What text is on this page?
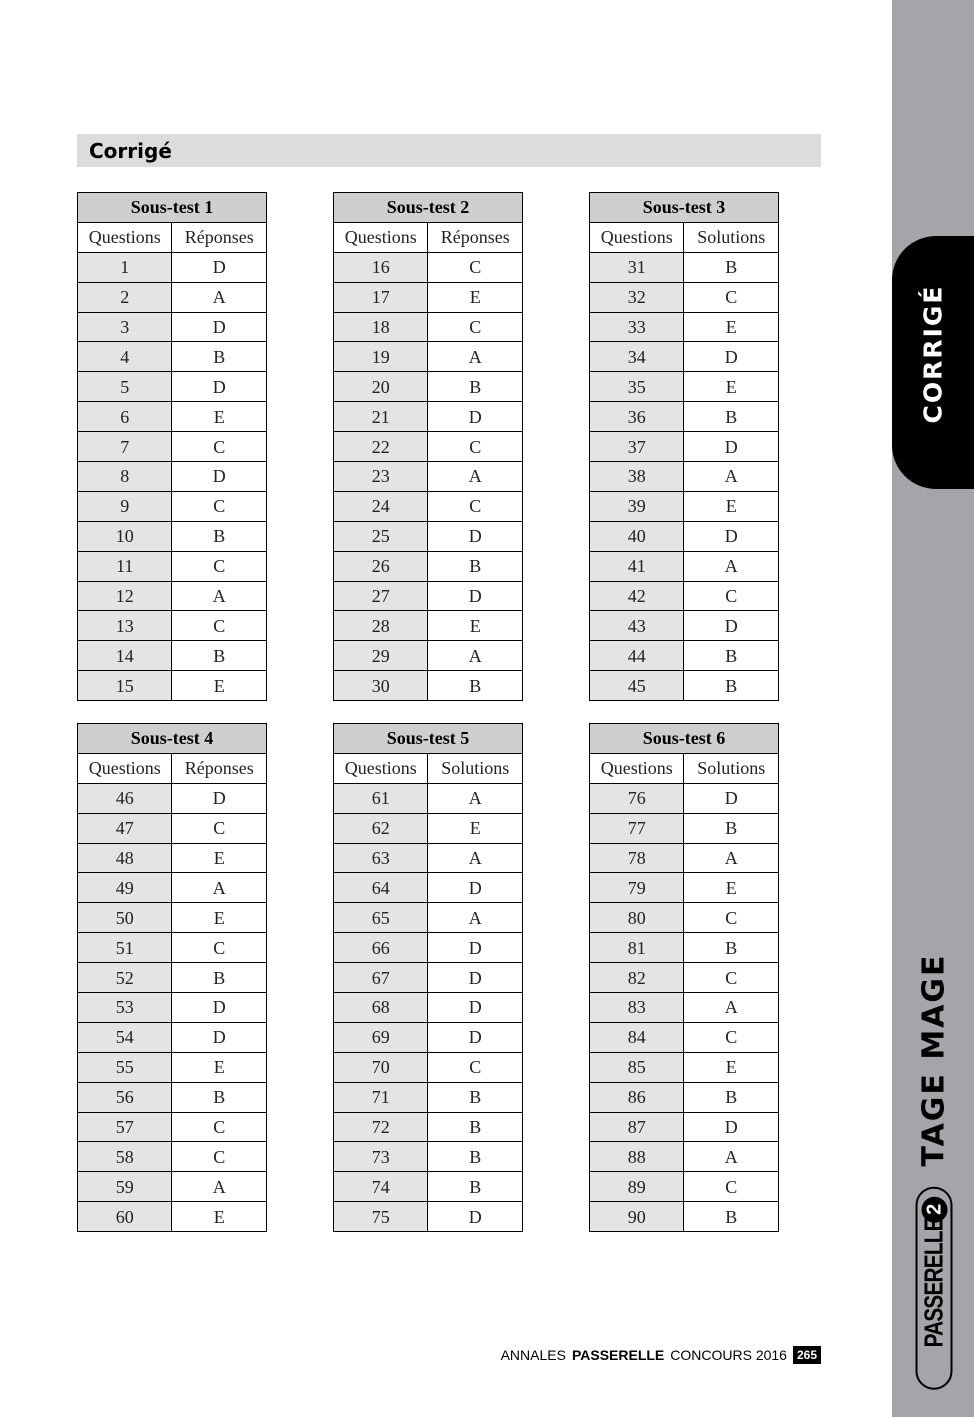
CORRIGÉ
TAGE MAGE
PASSERELLE
2
Corrigé
Sous-test 1	
Questions	Réponses
1	D
2	A
3	D
4	B
5	D
6	E
7	C
8	D
9	C
10	B
11	C
12	A
13	C
14	B
15	E
Sous-test 2	
Questions	Réponses
16	C
17	E
18	C
19	A
20	B
21	D
22	C
23	A
24	C
25	D
26	B
27	D
28	E
29	A
30	B
Sous-test 3	
Questions	Solutions
31	B
32	C
33	E
34	D
35	E
36	B
37	D
38	A
39	E
40	D
41	A
42	C
43	D
44	B
45	B
Sous-test 4	
Questions	Réponses
46	D
47	C
48	E
49	A
50	E
51	C
52	B
53	D
54	D
55	E
56	B
57	C
58	C
59	A
60	E
Sous-test 5	
Questions	Solutions
61	A
62	E
63	A
64	D
65	A
66	D
67	D
68	D
69	D
70	C
71	B
72	B
73	B
74	B
75	D
Sous-test 6	
Questions	Solutions
76	D
77	B
78	A
79	E
80	C
81	B
82	C
83	A
84	C
85	E
86	B
87	D
88	A
89	C
90	B
ANNALES PASSERELLE CONCOURS 2016 265
